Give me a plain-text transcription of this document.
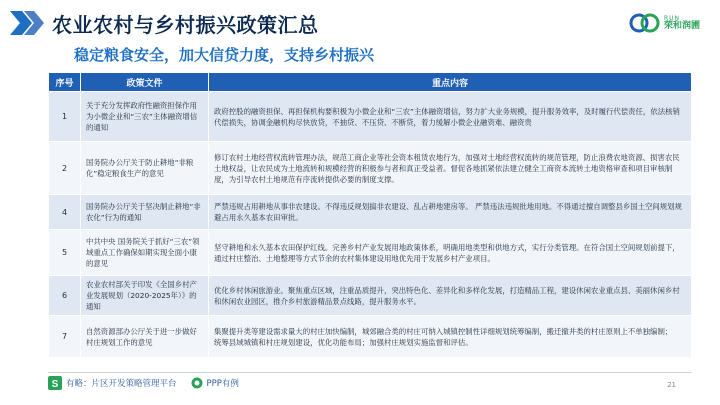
农业农村与乡村振兴政策汇总
稳定粮食安全，加大信贷力度，支持乡村振兴
RUN
荣和润圃
序号	政策文件	重点内容
1	关于充分发挥政府性融资担保作用 为小微企业和“三农”主体融资增信的通知	政府控股的融资担保、再担保机构要积极为小微企业和“三农”主体融资增信，努力扩大业务规模，提升服务效率，及时履行代偿责任，依法核销代偿损失，协调金融机构尽快放贷，不抽贷、不压贷、不断贷，着力缓解小微企业融资难、融资贵
2	国务院办公厅关于防止耕地“非粮化”稳定粮食生产的意见	修订农村土地经营权流转管理办法，规范工商企业等社会资本租赁农地行为，加强对土地经营权流转的规范管理，防止浪费农地资源、损害农民土地权益，让农民成为土地流转和规模经营的积极参与者和真正受益者。督促各地抓紧依法建立健全工商资本流转土地资格审查和项目审核制度，为引导农村土地规范有序流转提供必要的制度支撑。
4	国务院办公厅关于坚决制止耕地“非农化”行为的通知	严禁违规占用耕地从事非农建设。不得违反规划搞非农建设、乱占耕地建房等。 严禁违法违规批地用地。不得通过擅自调整县乡国土空间规划规避占用永久基本农田审批。
5	中共中央 国务院关于抓好“三农”领域重点工作确保如期实现全面小康的意见	坚守耕地和永久基本农田保护红线。完善乡村产业发展用地政策体系，明确用地类型和供地方式，实行分类管理。在符合国土空间规划前提下，通过村庄整治、土地整理等方式节余的农村集体建设用地优先用于发展乡村产业项目。
6	农业农村部关于印发《全国乡村产业发展规划（2020-2025年）》的通知	优化乡村休闲旅游业。聚焦重点区域，注重品质提升，突出特色化、差异化和多样化发展，打造精品工程，建设休闲农业重点县、美丽休闲乡村和休闲农业园区，推介乡村旅游精品景点线路，提升服务水平。
7	自然资源部办公厅关于进一步做好村庄规划工作的意见	集聚提升类等建设需求量大的村庄加快编制，城郊融合类的村庄可纳入城镇控制性详细规划统筹编制，搬迁撤并类的村庄原则上不单独编制；
统筹县域城镇和村庄规划建设，优化功能布局；加强村庄规划实施监督和评估。
S 有略：片区开发策略管理平台	PPP有例	21
